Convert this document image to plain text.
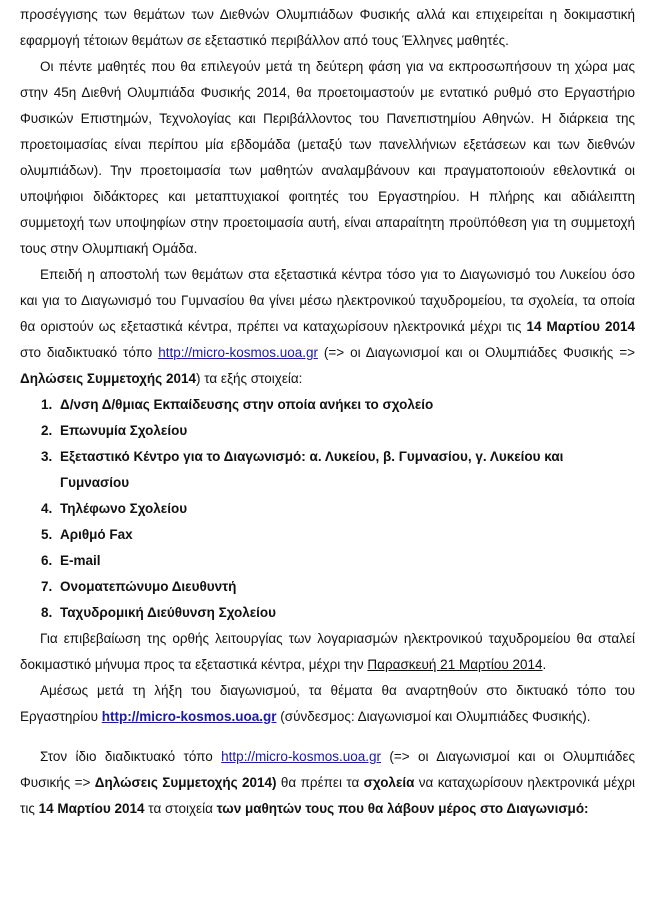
προσέγγισης των θεμάτων των Διεθνών Ολυμπιάδων Φυσικής αλλά και επιχειρείται η δοκιμαστική εφαρμογή τέτοιων θεμάτων σε εξεταστικό περιβάλλον από τους Έλληνες μαθητές.

Οι πέντε μαθητές που θα επιλεγούν μετά τη δεύτερη φάση για να εκπροσωπήσουν τη χώρα μας στην 45η Διεθνή Ολυμπιάδα Φυσικής 2014, θα προετοιμαστούν με εντατικό ρυθμό στο Εργαστήριο Φυσικών Επιστημών, Τεχνολογίας και Περιβάλλοντος του Πανεπιστημίου Αθηνών. Η διάρκεια της προετοιμασίας είναι περίπου μία εβδομάδα (μεταξύ των πανελλήνιων εξετάσεων και των διεθνών ολυμπιάδων). Την προετοιμασία των μαθητών αναλαμβάνουν και πραγματοποιούν εθελοντικά οι υποψήφιοι διδάκτορες και μεταπτυχιακοί φοιτητές του Εργαστηρίου. Η πλήρης και αδιάλειπτη συμμετοχή των υποψηφίων στην προετοιμασία αυτή, είναι απαραίτητη προϋπόθεση για τη συμμετοχή τους στην Ολυμπιακή Ομάδα.

Επειδή η αποστολή των θεμάτων στα εξεταστικά κέντρα τόσο για το Διαγωνισμό του Λυκείου όσο και για το Διαγωνισμό του Γυμνασίου θα γίνει μέσω ηλεκτρονικού ταχυδρομείου, τα σχολεία, τα οποία θα οριστούν ως εξεταστικά κέντρα, πρέπει να καταχωρίσουν ηλεκτρονικά μέχρι τις 14 Μαρτίου 2014 στο διαδικτυακό τόπο http://micro-kosmos.uoa.gr (=> οι Διαγωνισμοί και οι Ολυμπιάδες Φυσικής => Δηλώσεις Συμμετοχής 2014) τα εξής στοιχεία:

1. Δ/νση Δ/θμιας Εκπαίδευσης στην οποία ανήκει το σχολείο
2. Επωνυμία Σχολείου
3. Εξεταστικό Κέντρο για το Διαγωνισμό: α. Λυκείου, β. Γυμνασίου, γ. Λυκείου και Γυμνασίου
4. Τηλέφωνο Σχολείου
5. Αριθμό Fax
6. E-mail
7. Ονοματεπώνυμο Διευθυντή
8. Ταχυδρομική Διεύθυνση Σχολείου

Για επιβεβαίωση της ορθής λειτουργίας των λογαριασμών ηλεκτρονικού ταχυδρομείου θα σταλεί δοκιμαστικό μήνυμα προς τα εξεταστικά κέντρα, μέχρι την Παρασκευή 21 Μαρτίου 2014.

Αμέσως μετά τη λήξη του διαγωνισμού, τα θέματα θα αναρτηθούν στο δικτυακό τόπο του Εργαστηρίου http://micro-kosmos.uoa.gr (σύνδεσμος: Διαγωνισμοί και Ολυμπιάδες Φυσικής).

Στον ίδιο διαδικτυακό τόπο http://micro-kosmos.uoa.gr (=> οι Διαγωνισμοί και οι Ολυμπιάδες Φυσικής => Δηλώσεις Συμμετοχής 2014) θα πρέπει τα σχολεία να καταχωρίσουν ηλεκτρονικά μέχρι τις 14 Μαρτίου 2014 τα στοιχεία των μαθητών τους που θα λάβουν μέρος στο Διαγωνισμό:
